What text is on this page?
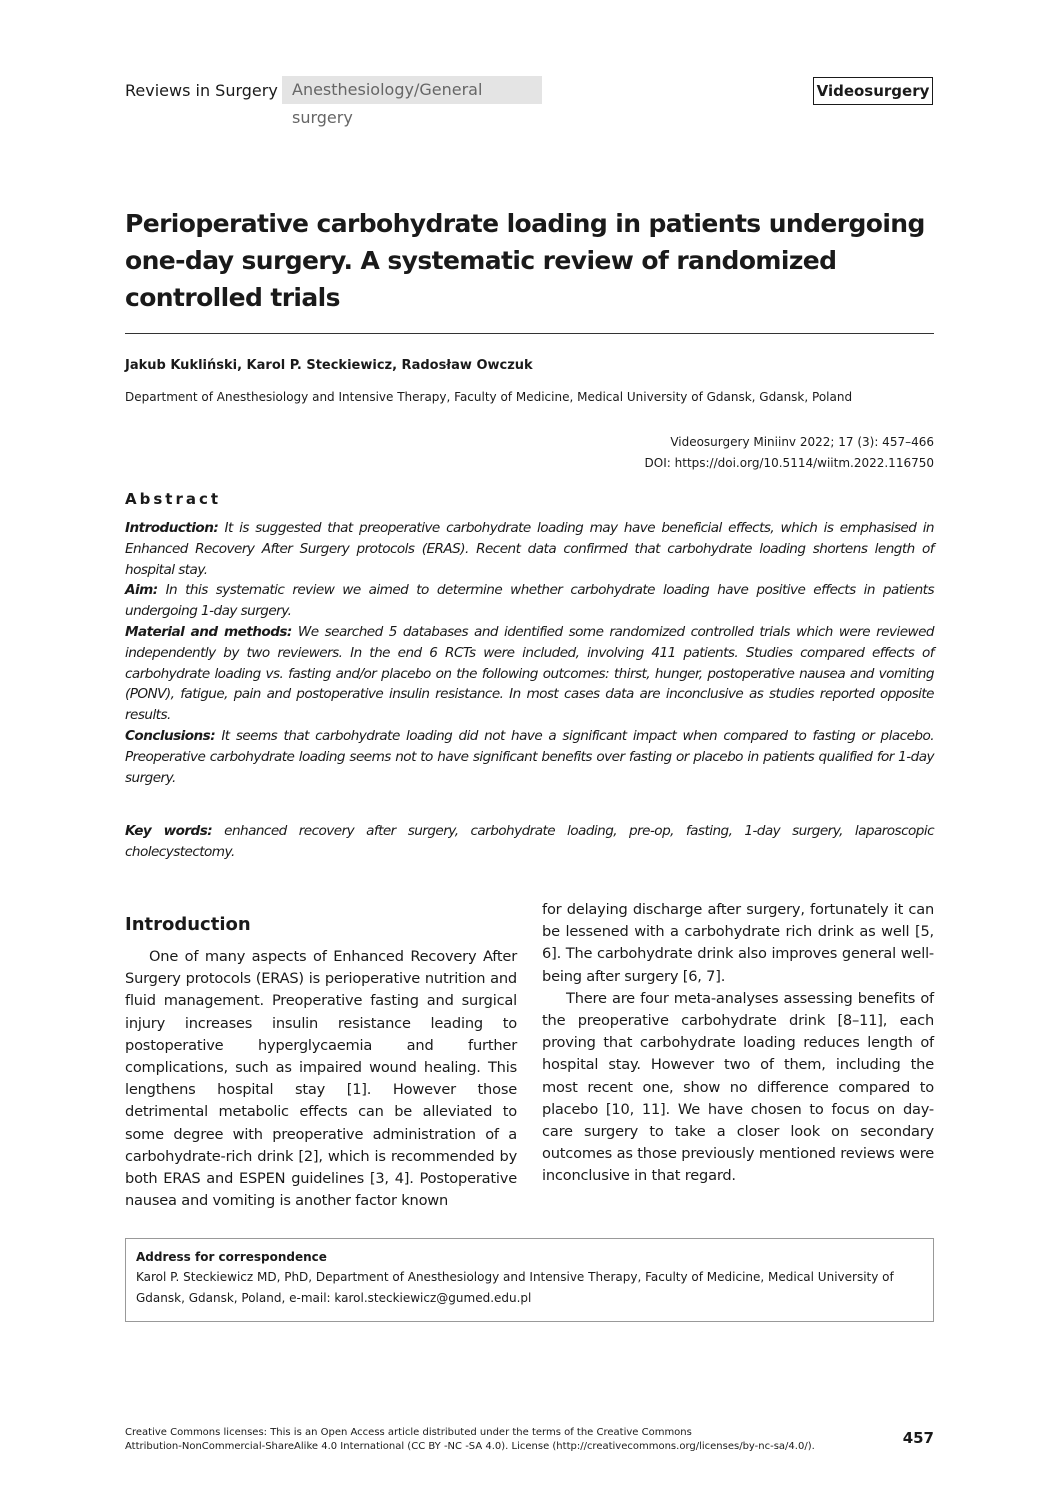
Reviews in Surgery Anesthesiology/General surgery
Videosurgery
Perioperative carbohydrate loading in patients undergoing one-day surgery. A systematic review of randomized controlled trials
Jakub Kukliński, Karol P. Steckiewicz, Radosław Owczuk
Department of Anesthesiology and Intensive Therapy, Faculty of Medicine, Medical University of Gdansk, Gdansk, Poland
Videosurgery Miniinv 2022; 17 (3): 457–466
DOI: https://doi.org/10.5114/wiitm.2022.116750
Abstract

Introduction: It is suggested that preoperative carbohydrate loading may have beneficial effects, which is emphasised in Enhanced Recovery After Surgery protocols (ERAS). Recent data confirmed that carbohydrate loading shortens length of hospital stay.

Aim: In this systematic review we aimed to determine whether carbohydrate loading have positive effects in patients undergoing 1-day surgery.

Material and methods: We searched 5 databases and identified some randomized controlled trials which were reviewed independently by two reviewers. In the end 6 RCTs were included, involving 411 patients. Studies compared effects of carbohydrate loading vs. fasting and/or placebo on the following outcomes: thirst, hunger, postoperative nausea and vomiting (PONV), fatigue, pain and postoperative insulin resistance. In most cases data are inconclusive as studies reported opposite results.

Conclusions: It seems that carbohydrate loading did not have a significant impact when compared to fasting or placebo. Preoperative carbohydrate loading seems not to have significant benefits over fasting or placebo in patients qualified for 1-day surgery.

Key words: enhanced recovery after surgery, carbohydrate loading, pre-op, fasting, 1-day surgery, laparoscopic cholecystectomy.
Introduction

One of many aspects of Enhanced Recovery After Surgery protocols (ERAS) is perioperative nutrition and fluid management. Preoperative fasting and surgical injury increases insulin resistance leading to postoperative hyperglycaemia and further complications, such as impaired wound healing. This lengthens hospital stay [1]. However those detrimental metabolic effects can be alleviated to some degree with preoperative administration of a carbohydrate-rich drink [2], which is recommended by both ERAS and ESPEN guidelines [3, 4]. Postoperative nausea and vomiting is another factor known

for delaying discharge after surgery, fortunately it can be lessened with a carbohydrate rich drink as well [5, 6]. The carbohydrate drink also improves general well-being after surgery [6, 7].

There are four meta-analyses assessing benefits of the preoperative carbohydrate drink [8–11], each proving that carbohydrate loading reduces length of hospital stay. However two of them, including the most recent one, show no difference compared to placebo [10, 11]. We have chosen to focus on day-care surgery to take a closer look on secondary outcomes as those previously mentioned reviews were inconclusive in that regard.

Address for correspondence
Karol P. Steckiewicz MD, PhD, Department of Anesthesiology and Intensive Therapy, Faculty of Medicine, Medical University of Gdansk, Gdansk, Poland, e-mail: karol.steckiewicz@gumed.edu.pl
Creative Commons licenses: This is an Open Access article distributed under the terms of the Creative Commons
Attribution-NonCommercial-ShareAlike 4.0 International (CC BY -NC -SA 4.0). License (http://creativecommons.org/licenses/by-nc-sa/4.0/).	457
